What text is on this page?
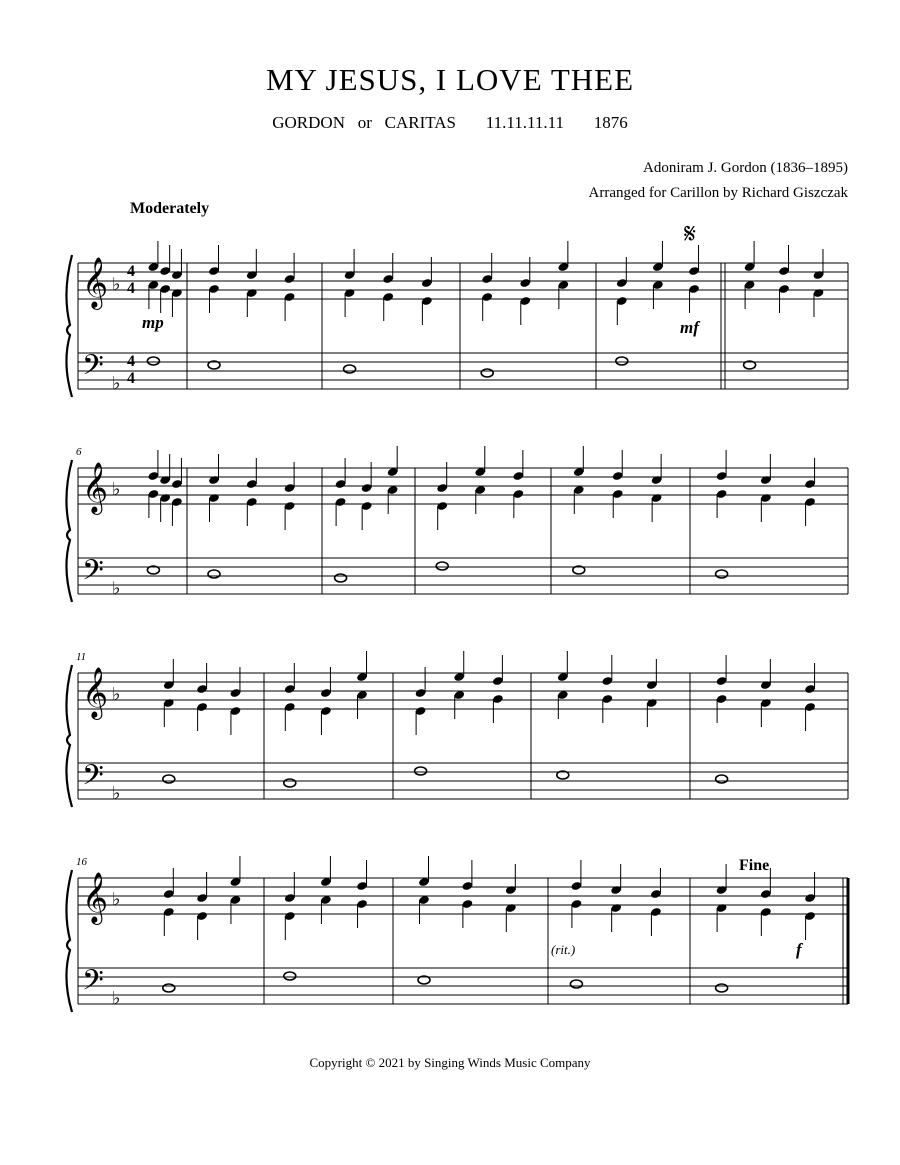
MY JESUS, I LOVE THEE
GORDON   or   CARITAS       11.11.11.11       1876
Adoniram J. Gordon (1836–1895)
Arranged for Carillon by Richard Giszczak
Moderately
𝄞
𝄢
♭
♭
𝄞
𝄢
♭
♭
𝄞
𝄢
♭
♭
𝄞
𝄢
♭
♭
mp	mf
𝄋
Fine
(rit.)	f
6
11
16
4
4
4
4
Copyright © 2021 by Singing Winds Music Company
